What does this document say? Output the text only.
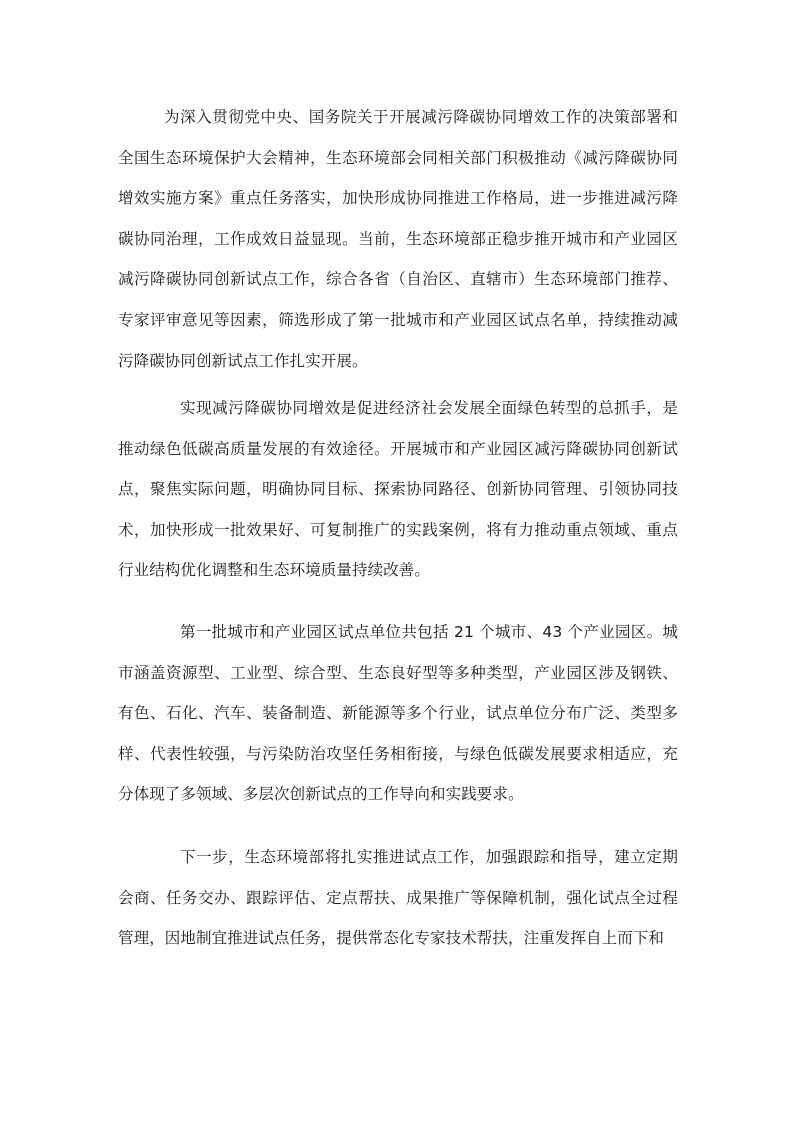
为深入贯彻党中央、国务院关于开展减污降碳协同增效工作的决策部署和全国生态环境保护大会精神，生态环境部会同相关部门积极推动《减污降碳协同增效实施方案》重点任务落实，加快形成协同推进工作格局，进一步推进减污降碳协同治理，工作成效日益显现。当前，生态环境部正稳步推开城市和产业园区减污降碳协同创新试点工作，综合各省（自治区、直辖市）生态环境部门推荐、专家评审意见等因素，筛选形成了第一批城市和产业园区试点名单，持续推动减污降碳协同创新试点工作扎实开展。

实现减污降碳协同增效是促进经济社会发展全面绿色转型的总抓手，是推动绿色低碳高质量发展的有效途径。开展城市和产业园区减污降碳协同创新试点，聚焦实际问题，明确协同目标、探索协同路径、创新协同管理、引领协同技术，加快形成一批效果好、可复制推广的实践案例，将有力推动重点领域、重点行业结构优化调整和生态环境质量持续改善。

第一批城市和产业园区试点单位共包括 21 个城市、43 个产业园区。城市涵盖资源型、工业型、综合型、生态良好型等多种类型，产业园区涉及钢铁、有色、石化、汽车、装备制造、新能源等多个行业，试点单位分布广泛、类型多样、代表性较强，与污染防治攻坚任务相衔接，与绿色低碳发展要求相适应，充分体现了多领域、多层次创新试点的工作导向和实践要求。

下一步，生态环境部将扎实推进试点工作，加强跟踪和指导，建立定期会商、任务交办、跟踪评估、定点帮扶、成果推广等保障机制，强化试点全过程管理，因地制宜推进试点任务，提供常态化专家技术帮扶，注重发挥自上而下和
